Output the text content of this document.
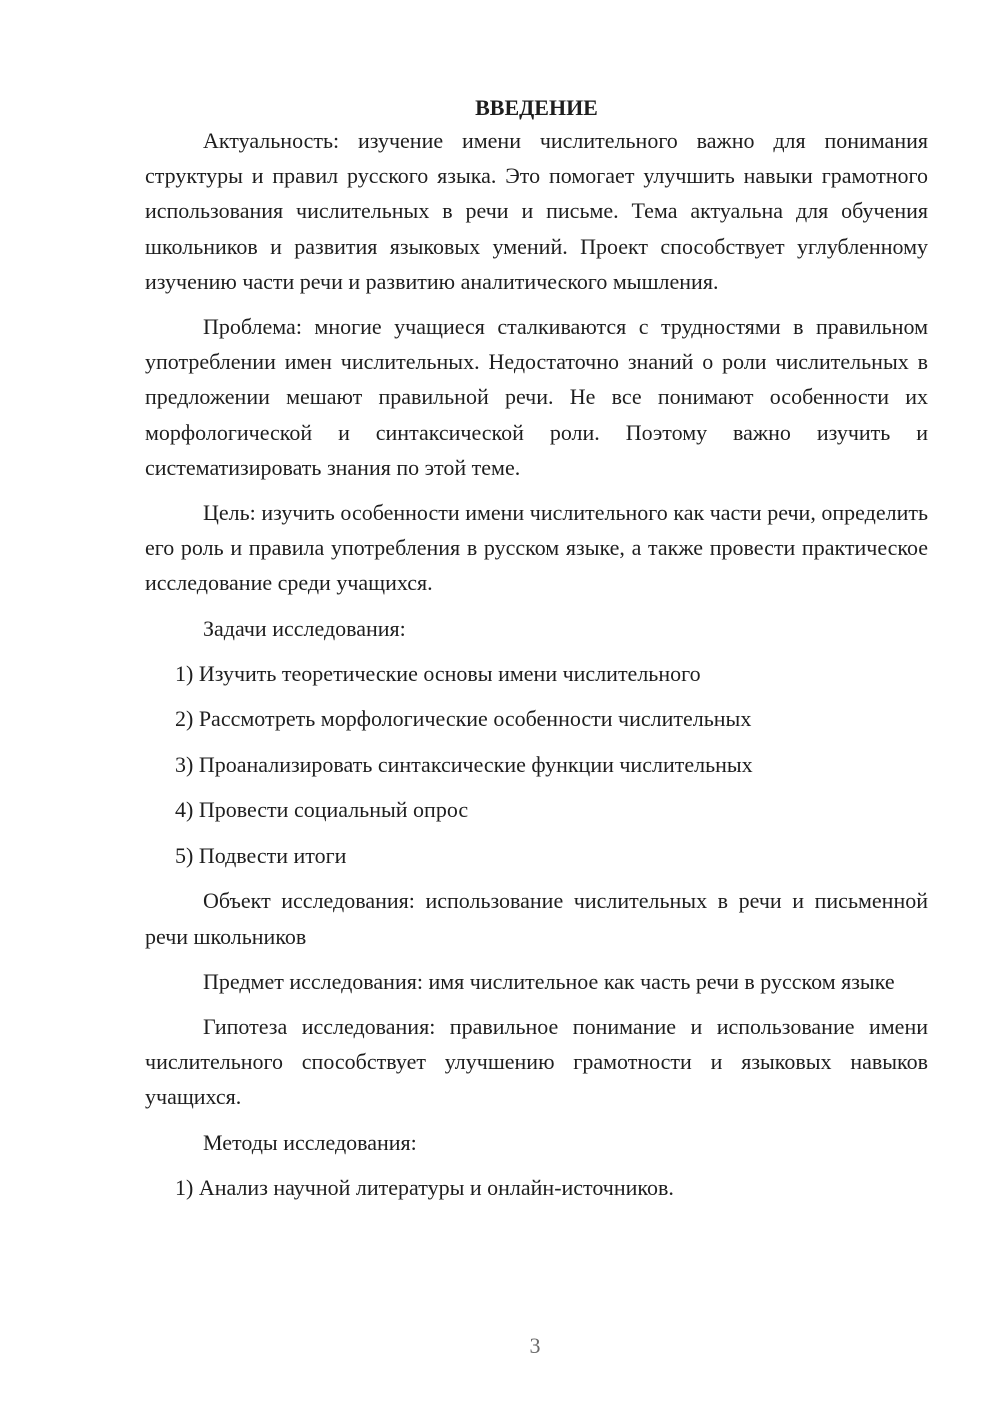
ВВЕДЕНИЕ

Актуальность: изучение имени числительного важно для понимания структуры и правил русского языка. Это помогает улучшить навыки грамотного использования числительных в речи и письме. Тема актуальна для обучения школьников и развития языковых умений. Проект способствует углубленному изучению части речи и развитию аналитического мышления.

Проблема: многие учащиеся сталкиваются с трудностями в правильном употреблении имен числительных. Недостаточно знаний о роли числительных в предложении мешают правильной речи. Не все понимают особенности их морфологической и синтаксической роли. Поэтому важно изучить и систематизировать знания по этой теме.

Цель: изучить особенности имени числительного как части речи, определить его роль и правила употребления в русском языке, а также провести практическое исследование среди учащихся.

Задачи исследования:

1) Изучить теоретические основы имени числительного
2) Рассмотреть морфологические особенности числительных
3) Проанализировать синтаксические функции числительных
4) Провести социальный опрос
5) Подвести итоги

Объект исследования: использование числительных в речи и письменной речи школьников

Предмет исследования: имя числительное как часть речи в русском языке

Гипотеза исследования: правильное понимание и использование имени числительного способствует улучшению грамотности и языковых навыков учащихся.

Методы исследования:

1) Анализ научной литературы и онлайн-источников.
3
